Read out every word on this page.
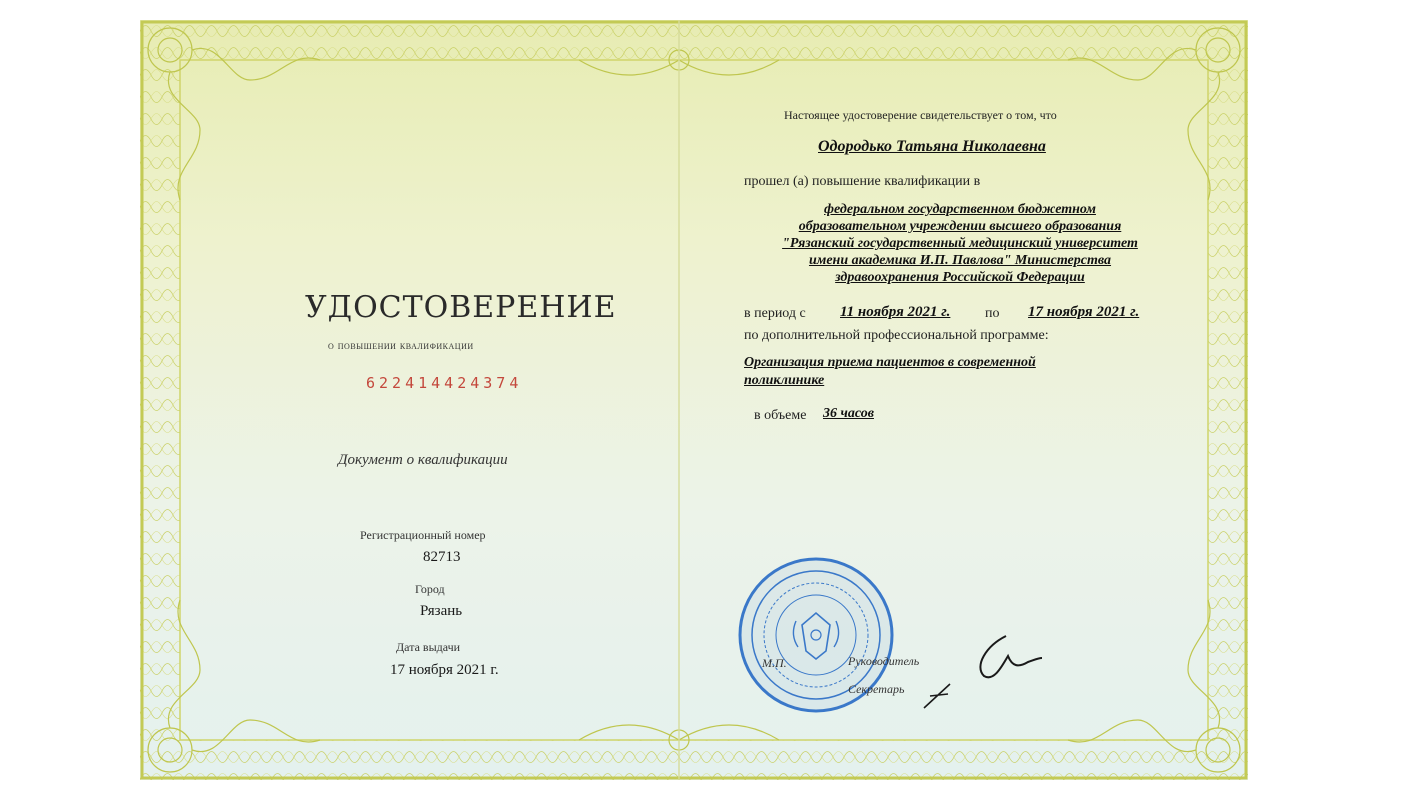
УДОСТОВЕРЕНИЕ

о повышении квалификации

622414424374

Документ о квалификации

Регистрационный номер

82713

Город

Рязань

Дата выдачи

17 ноября 2021 г.

Настоящее удостоверение свидетельствует о том, что

Одородько Татьяна Николаевна

прошел (а) повышение квалификации в

федеральном государственном бюджетном
образовательном учреждении высшего образования
"Рязанский государственный медицинский университет
имени академика И.П. Павлова" Министерства
здравоохранения Российской Федерации

в период с 11 ноября 2021 г. по 17 ноября 2021 г.

по дополнительной профессиональной программе:

Организация приема пациентов в современной

поликлинике

в объеме 36 часов

М.П.	Руководитель

Секретарь
